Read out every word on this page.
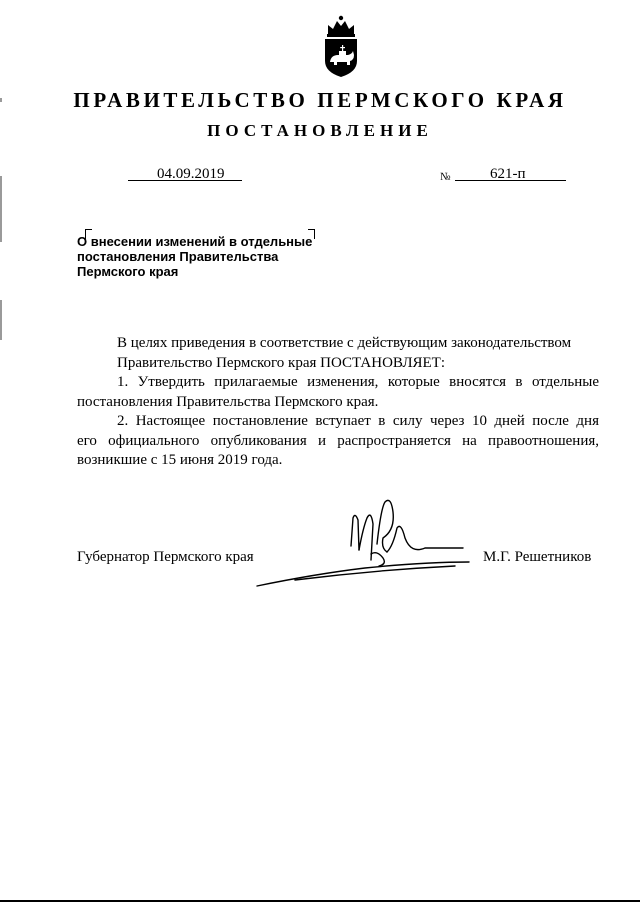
ПРАВИТЕЛЬСТВО ПЕРМСКОГО КРАЯ
ПОСТАНОВЛЕНИЕ
04.09.2019	№	621-п
О внесении изменений в отдельные
постановления Правительства
Пермского края

В целях приведения в соответствие с действующим законодательством

Правительство Пермского края ПОСТАНОВЛЯЕТ:

1. Утвердить прилагаемые изменения, которые вносятся в отдельные

постановления Правительства Пермского края.

2. Настоящее постановление вступает в силу через 10 дней после дня

его официального опубликования и распространяется на правоотношения,

возникшие с 15 июня 2019 года.

Губернатор Пермского края	М.Г. Решетников
